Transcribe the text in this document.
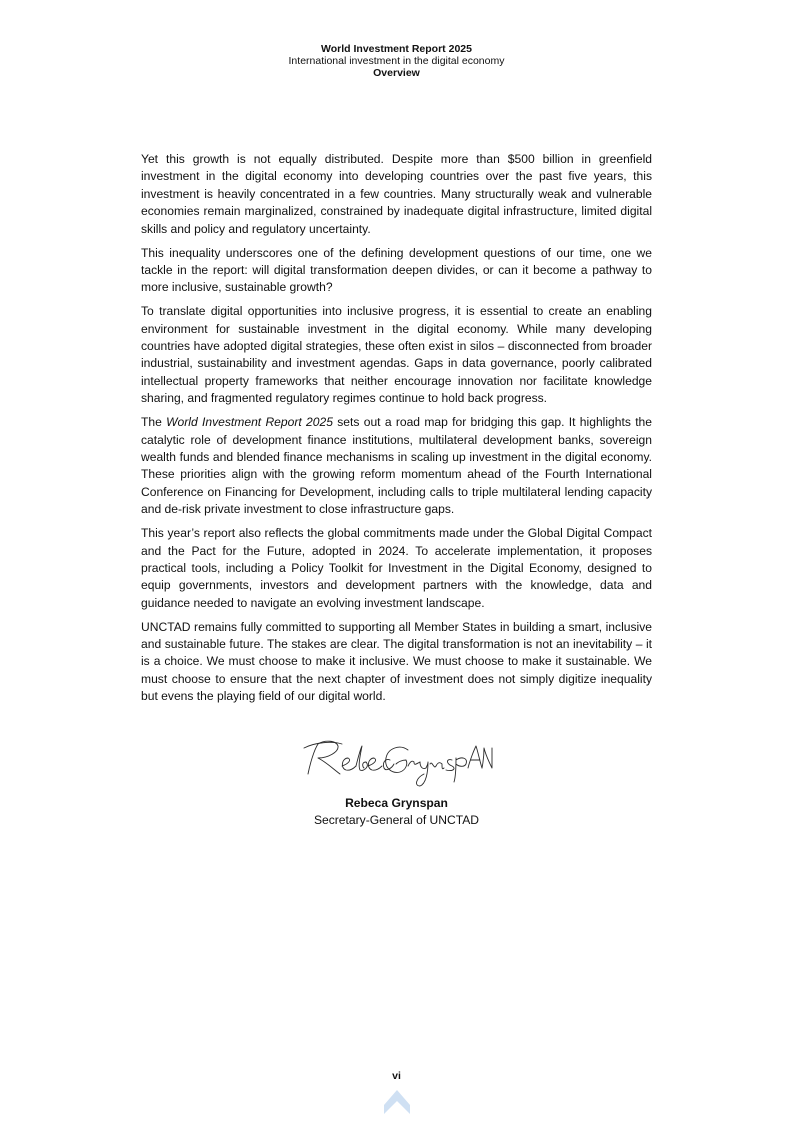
World Investment Report 2025
International investment in the digital economy
Overview

Yet this growth is not equally distributed. Despite more than $500 billion in greenfield investment in the digital economy into developing countries over the past five years, this investment is heavily concentrated in a few countries. Many structurally weak and vulnerable economies remain marginalized, constrained by inadequate digital infrastructure, limited digital skills and policy and regulatory uncertainty.

This inequality underscores one of the defining development questions of our time, one we tackle in the report: will digital transformation deepen divides, or can it become a pathway to more inclusive, sustainable growth?

To translate digital opportunities into inclusive progress, it is essential to create an enabling environment for sustainable investment in the digital economy. While many developing countries have adopted digital strategies, these often exist in silos – disconnected from broader industrial, sustainability and investment agendas. Gaps in data governance, poorly calibrated intellectual property frameworks that neither encourage innovation nor facilitate knowledge sharing, and fragmented regulatory regimes continue to hold back progress.

The World Investment Report 2025 sets out a road map for bridging this gap. It highlights the catalytic role of development finance institutions, multilateral development banks, sovereign wealth funds and blended finance mechanisms in scaling up investment in the digital economy. These priorities align with the growing reform momentum ahead of the Fourth International Conference on Financing for Development, including calls to triple multilateral lending capacity and de-risk private investment to close infrastructure gaps.

This year’s report also reflects the global commitments made under the Global Digital Compact and the Pact for the Future, adopted in 2024. To accelerate implementation, it proposes practical tools, including a Policy Toolkit for Investment in the Digital Economy, designed to equip governments, investors and development partners with the knowledge, data and guidance needed to navigate an evolving investment landscape.

UNCTAD remains fully committed to supporting all Member States in building a smart, inclusive and sustainable future. The stakes are clear. The digital transformation is not an inevitability – it is a choice. We must choose to make it inclusive. We must choose to make it sustainable. We must choose to ensure that the next chapter of investment does not simply digitize inequality but evens the playing field of our digital world.

Rebeca Grynspan
Secretary-General of UNCTAD
vi
